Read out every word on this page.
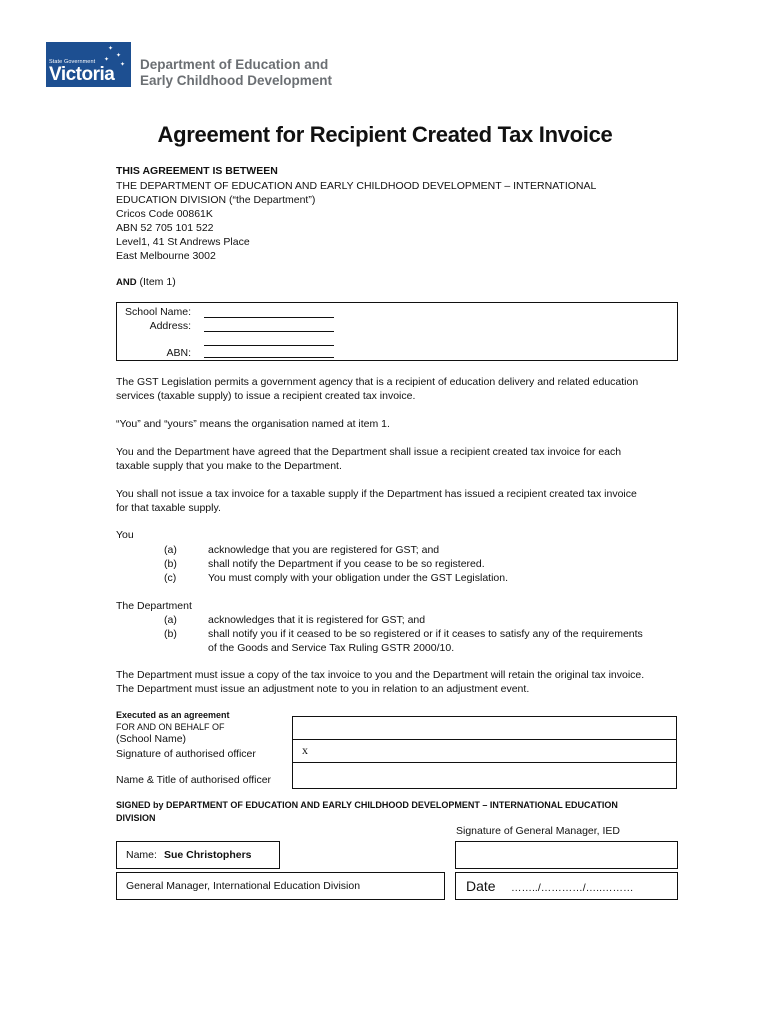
✦
✦
✦
✦
State Government
Victoria Department of Education and
Early Childhood Development
Agreement for Recipient Created Tax Invoice
THIS AGREEMENT IS BETWEEN
THE DEPARTMENT OF EDUCATION AND EARLY CHILDHOOD DEVELOPMENT – INTERNATIONAL
EDUCATION DIVISION (“the Department”)
Cricos Code 00861K
ABN 52 705 101 522
Level1, 41 St Andrews Place
East Melbourne 3002
AND (Item 1)
School Name:
Address:
ABN:
The GST Legislation permits a government agency that is a recipient of education delivery and related education
services (taxable supply) to issue a recipient created tax invoice.
“You” and “yours” means the organisation named at item 1.
You and the Department have agreed that the Department shall issue a recipient created tax invoice for each
taxable supply that you make to the Department.
You shall not issue a tax invoice for a taxable supply if the Department has issued a recipient created tax invoice
for that taxable supply.
You
(a)	acknowledge that you are registered for GST; and
(b)	shall notify the Department if you cease to be so registered.
(c)	You must comply with your obligation under the GST Legislation.
The Department
(a)	acknowledges that it is registered for GST; and
(b)	shall notify you if it ceased to be so registered or if it ceases to satisfy any of the requirements
of the Goods and Service Tax Ruling GSTR 2000/10.
The Department must issue a copy of the tax invoice to you and the Department will retain the original tax invoice.
The Department must issue an adjustment note to you in relation to an adjustment event.
Executed as an agreement
FOR AND ON BEHALF OF
(School Name)
Signature of authorised officer
Name & Title of authorised officer
x
SIGNED by DEPARTMENT OF EDUCATION AND EARLY CHILDHOOD DEVELOPMENT – INTERNATIONAL EDUCATION
DIVISION
Signature of General Manager, IED
Name: Sue Christophers
General Manager, International Education Division	Date ……../…………/…..………
